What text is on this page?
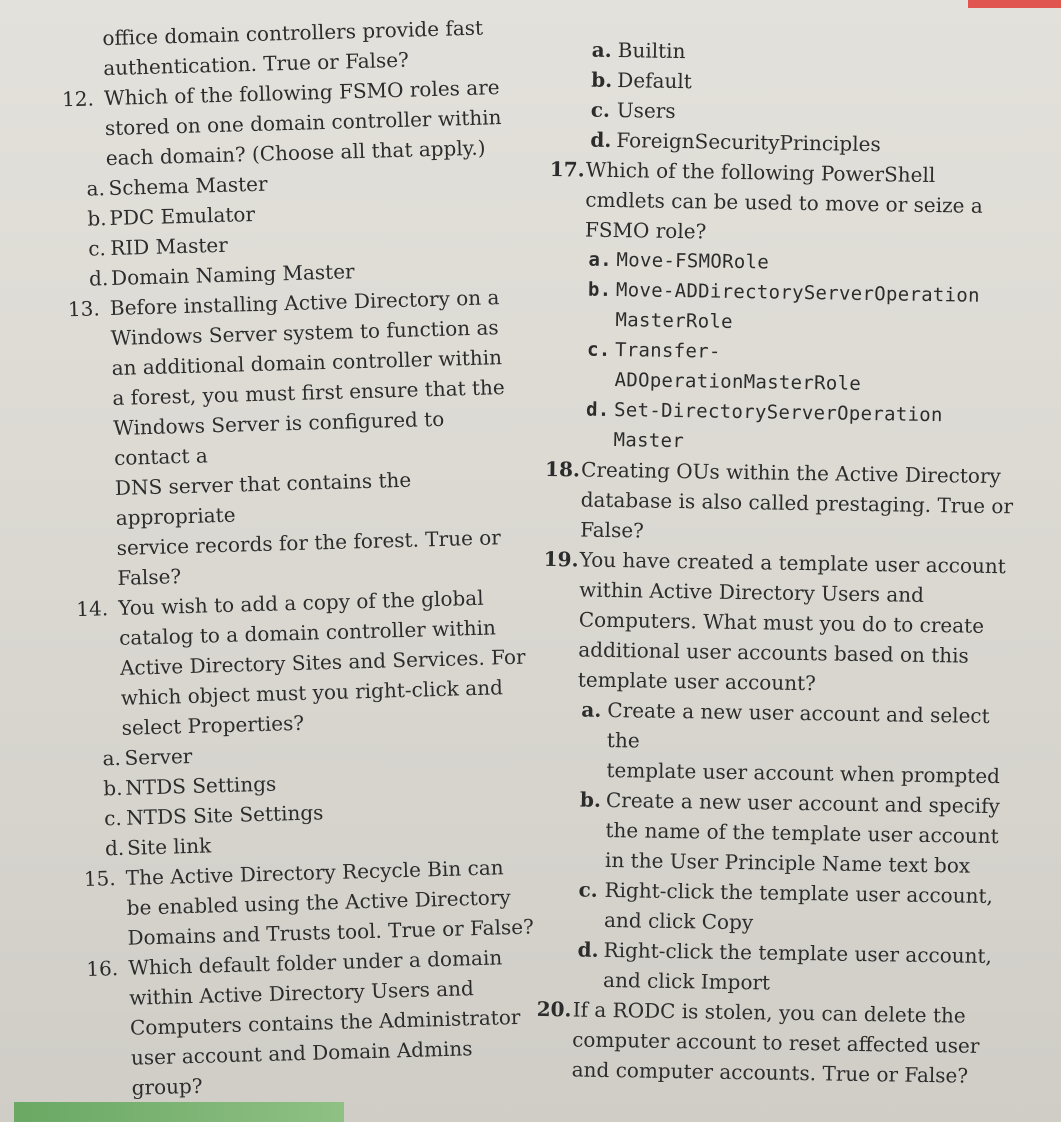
office domain controllers provide fast
authentication. True or False?
12. Which of the following FSMO roles are
stored on one domain controller within
each domain? (Choose all that apply.)
a. Schema Master
b. PDC Emulator
c. RID Master
d. Domain Naming Master
13. Before installing Active Directory on a
Windows Server system to function as
an additional domain controller within
a forest, you must first ensure that the
Windows Server is configured to contact a
DNS server that contains the appropriate
service records for the forest. True or
False?
14. You wish to add a copy of the global
catalog to a domain controller within
Active Directory Sites and Services. For
which object must you right-click and
select Properties?
a. Server
b. NTDS Settings
c. NTDS Site Settings
d. Site link
15. The Active Directory Recycle Bin can
be enabled using the Active Directory
Domains and Trusts tool. True or False?
16. Which default folder under a domain
within Active Directory Users and
Computers contains the Administrator
user account and Domain Admins
group?
a. Builtin
b. Default
c. Users
d. ForeignSecurityPrinciples
17. Which of the following PowerShell
cmdlets can be used to move or seize a
FSMO role?
a. Move-FSMORole
b. Move-ADDirectoryServerOperation
MasterRole
c. Transfer-
ADOperationMasterRole
d. Set-DirectoryServerOperation
Master
18. Creating OUs within the Active Directory
database is also called prestaging. True or
False?
19. You have created a template user account
within Active Directory Users and
Computers. What must you do to create
additional user accounts based on this
template user account?
a. Create a new user account and select the
template user account when prompted
b. Create a new user account and specify
the name of the template user account
in the User Principle Name text box
c. Right-click the template user account,
and click Copy
d. Right-click the template user account,
and click Import
20. If a RODC is stolen, you can delete the
computer account to reset affected user
and computer accounts. True or False?
